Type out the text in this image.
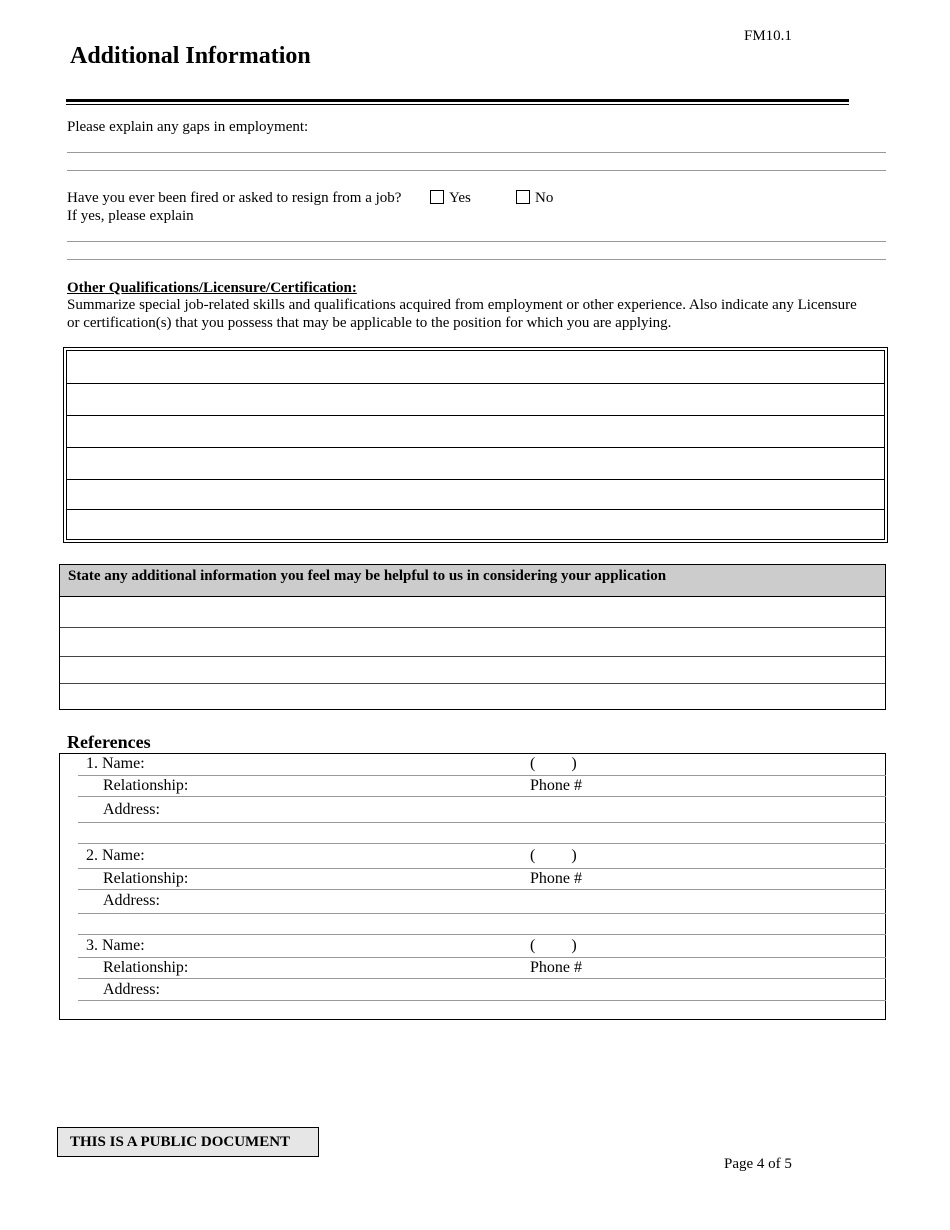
FM10.1
Additional Information
Please explain any gaps in employment:
Have you ever been fired or asked to resign from a job?	Yes	No
If yes, please explain
Other Qualifications/Licensure/Certification:
Summarize special job-related skills and qualifications acquired from employment or other experience. Also indicate any Licensure or certification(s) that you possess that may be applicable to the position for which you are applying.
State any additional information you feel may be helpful to us in considering your application
References
1. Name:	(         )
Relationship:	Phone #
Address:
2. Name:	(         )
Relationship:	Phone #
Address:
3. Name:	(         )
Relationship:	Phone #
Address:
THIS IS A PUBLIC DOCUMENT
Page 4 of 5
